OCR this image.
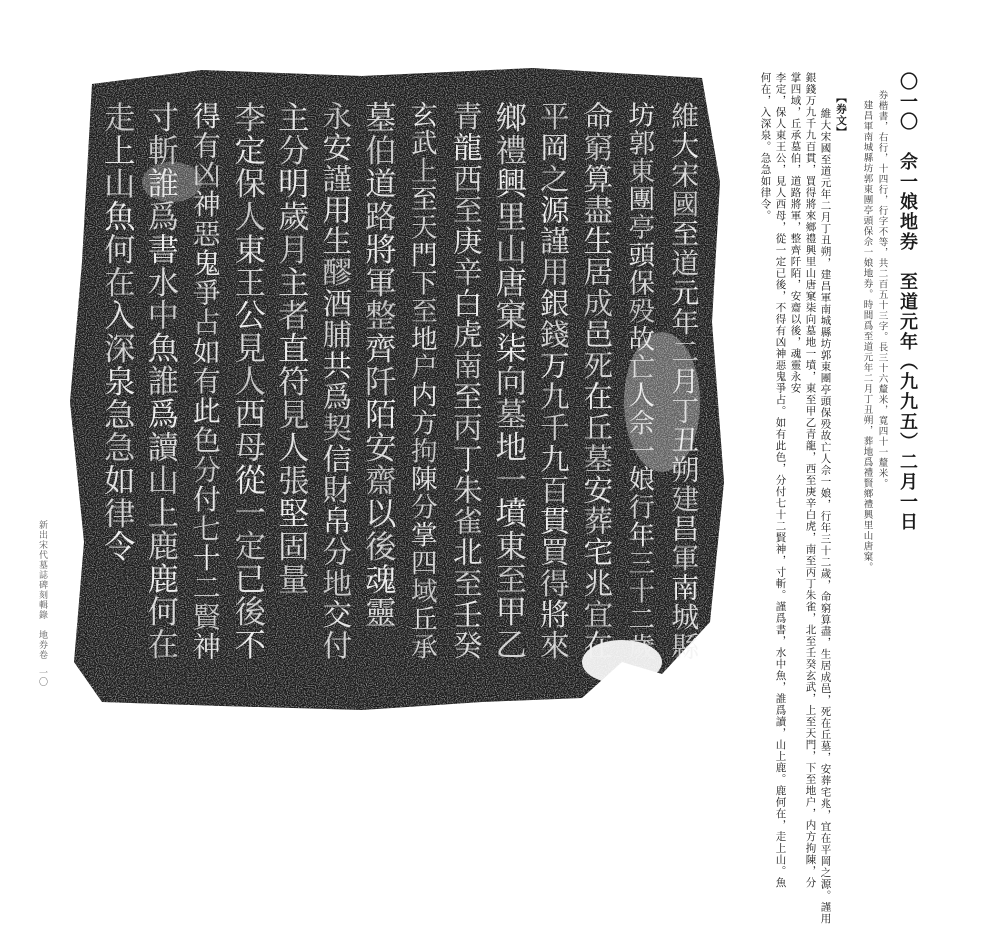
走
上
山
魚
何
在
入
深
泉
急
急
如
律
令
寸
斬
誰
爲
書
水
中
魚
誰
爲
讀
山
上
鹿
鹿
何
在
得
有
凶
神
惡
鬼
爭
占
如
有
此
色
分
付
七
十
二
賢
神
李
定
保
人
東
王
公
見
人
西
母
從
一
定
已
後
不
主
分
明
歲
月
主
者
直
符
見
人
張
堅
固
量
永
安
謹
用
生
醪
酒
脯
共
爲
契
信
財
帛
分
地
交
付
墓
伯
道
路
將
軍
整
齊
阡
陌
安
齋
以
後
魂
靈
玄
武
上
至
天
門
下
至
地
户
内
方
拘
陳
分
掌
四
域
丘
承
青
龍
西
至
庚
辛
白
虎
南
至
丙
丁
朱
雀
北
至
壬
癸
鄉
禮
興
里
山
唐
窠
柒
向
墓
地
一
墳
東
至
甲
乙
平
岡
之
源
謹
用
銀
錢
万
九
千
九
百
貫
買
得
將
來
命
窮
算
盡
生
居
成
邑
死
在
丘
墓
安
葬
宅
兆
宜
在
坊
郭
東
團
亭
頭
保
殁
故
亡
人
佘
一
娘
行
年
三
十
二
歲
維
大
宋
國
至
道
元
年
二
月
丁
丑
朔
建
昌
軍
南
城
縣
〇一〇　佘一娘地券　至道元年（九九五）二月一日
券楷書，右行，十四行，行字不等，共二百五十三字。長三十六釐米，寬四十一釐米。
建昌軍南城縣坊郭東團亭頭保佘一娘地券。時間爲至道元年二月丁丑朔，葬地爲禮賢鄉禮興里山唐窠。
【券文】
維大宋國至道元年二月丁丑朔，建昌軍南城縣坊郭東團亭頭保殁故亡人佘一娘，行年三十二歲，命窮算盡，生居成邑，死在丘墓，安葬宅兆，宜在平岡之源。謹用
銀錢万九千九百貫，買得將來鄉禮興里山唐窠柒向墓地一墳，東至甲乙青龍，西至庚辛白虎，南至丙丁朱雀，北至壬癸玄武，上至天門，下至地户，内方拘陳，分
掌四域，丘承墓伯，道路將軍，整齊阡陌，安齋以後，魂靈永安
李定，保人東王公，見人西母，從一定已後，不得有凶神惡鬼爭占。如有此色，分付七十二賢神，寸斬。謹爲書，水中魚，誰爲讀，山上鹿。鹿何在，走上山。魚
何在，入深泉。急急如律令。
新出宋代墓誌碑刻輯錄　地券卷
一〇
